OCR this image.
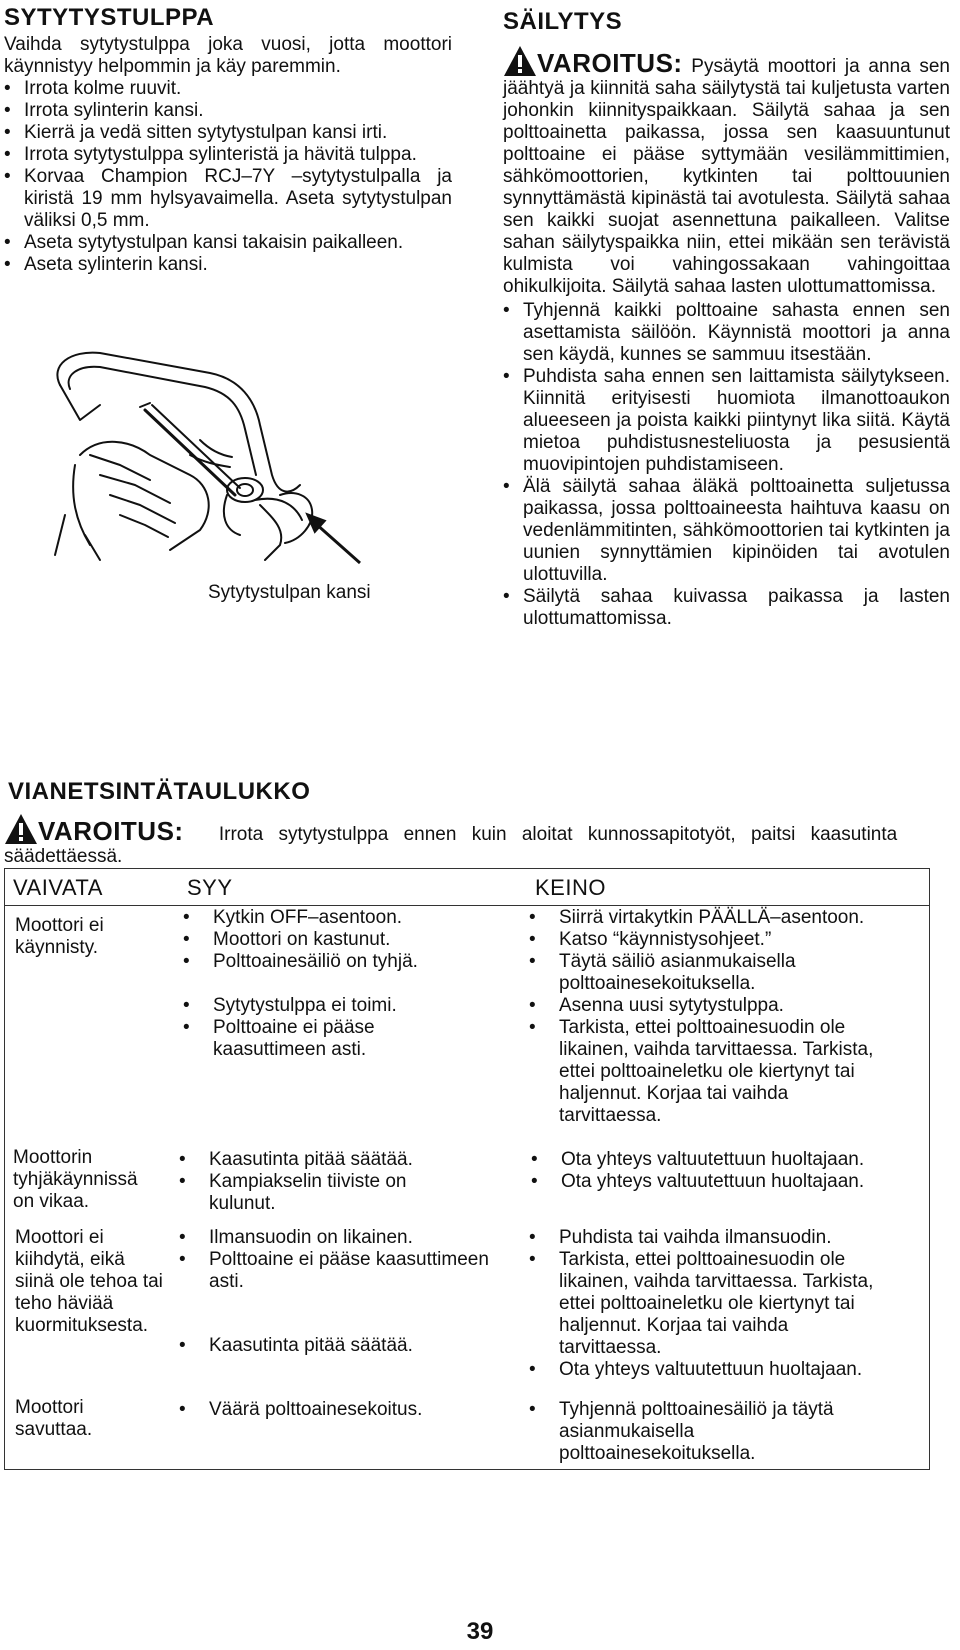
SYTYTYSTULPPA
Vaihda sytytystulppa joka vuosi, jotta moottori käynnistyy helpommin ja käy paremmin.
• Irrota kolme ruuvit.
• Irrota sylinterin kansi.
• Kierrä ja vedä sitten sytytystulpan kansi irti.
• Irrota sytytystulppa sylinteristä ja hävitä tulppa.
• Korvaa Champion RCJ–7Y –sytytystulpalla ja kiristä 19 mm hylsyavaimella. Aseta sytytystulpan väliksi 0,5 mm.
• Aseta sytytystulpan kansi takaisin paikalleen.
• Aseta sylinterin kansi.
Sytytystulpan kansi
SÄILYTYS
VAROITUS: Pysäytä moottori ja anna sen jäähtyä ja kiinnitä saha säilytystä tai kuljetusta varten johonkin kiinnityspaikkaan. Säilytä sahaa ja sen polttoainetta paikassa, jossa sen kaasuuntunut polttoaine ei pääse syttymään vesilämmittimien, sähkömoottorien, kytkinten tai polttouunien synnyttämästä kipinästä tai avotulesta. Säilytä sahaa sen kaikki suojat asennettuna paikalleen. Valitse sahan säilytyspaikka niin, ettei mikään sen terävistä kulmista voi vahingossakaan vahingoittaa ohikulkijoita. Säilytä sahaa lasten ulottumattomissa.
• Tyhjennä kaikki polttoaine sahasta ennen sen asettamista säilöön. Käynnistä moottori ja anna sen käydä, kunnes se sammuu itsestään.
• Puhdista saha ennen sen laittamista säilytykseen. Kiinnitä erityisesti huomiota ilmanottoaukon alueeseen ja poista kaikki piintynyt lika siitä. Käytä mietoa puhdistusnesteliuosta ja pesusientä muovipintojen puhdistamiseen.
• Älä säilytä sahaa äläkä polttoainetta suljetussa paikassa, jossa polttoaineesta haihtuva kaasu on vedenlämmitinten, sähkömoottorien tai kytkinten ja uunien synnyttämien kipinöiden tai avotulen ulottuvilla.
• Säilytä sahaa kuivassa paikassa ja lasten ulottumattomissa.
VIANETSINTÄTAULUKKO
VAROITUS: Irrota sytytystulppa ennen kuin aloitat kunnossapitotyöt, paitsi kaasutinta säädettäessä.
VAIVATA	SYY	KEINO
Moottori ei käynnisty.
• Kytkin OFF–asentoon.
• Moottori on kastunut.
• Polttoainesäiliö on tyhjä.
• Sytytystulppa ei toimi.
• Polttoaine ei pääse kaasuttimeen asti.
• Siirrä virtakytkin PÄÄLLÄ–asentoon.
• Katso “käynnistysohjeet.”
• Täytä säiliö asianmukaisella polttoainesekoituksella.
• Asenna uusi sytytystulppa.
• Tarkista, ettei polttoainesuodin ole likainen, vaihda tarvittaessa. Tarkista, ettei polttoaineletku ole kiertynyt tai haljennut. Korjaa tai vaihda tarvittaessa.
Moottorin tyhjäkäynnissä on vikaa.
• Kaasutinta pitää säätää.
• Kampiakselin tiiviste on kulunut.
• Ota yhteys valtuutettuun huoltajaan.
• Ota yhteys valtuutettuun huoltajaan.
Moottori ei kiihdytä, eikä siinä ole tehoa tai teho häviää kuormituksesta.
• Ilmansuodin on likainen.
• Polttoaine ei pääse kaasuttimeen asti.
• Kaasutinta pitää säätää.
• Puhdista tai vaihda ilmansuodin.
• Tarkista, ettei polttoainesuodin ole likainen, vaihda tarvittaessa. Tarkista, ettei polttoaineletku ole kiertynyt tai haljennut. Korjaa tai vaihda tarvittaessa.
• Ota yhteys valtuutettuun huoltajaan.
Moottori savuttaa.
• Väärä polttoainesekoitus.
•	Tyhjennä polttoainesäiliö ja täytä asianmukaisella polttoainesekoituksella.
39
